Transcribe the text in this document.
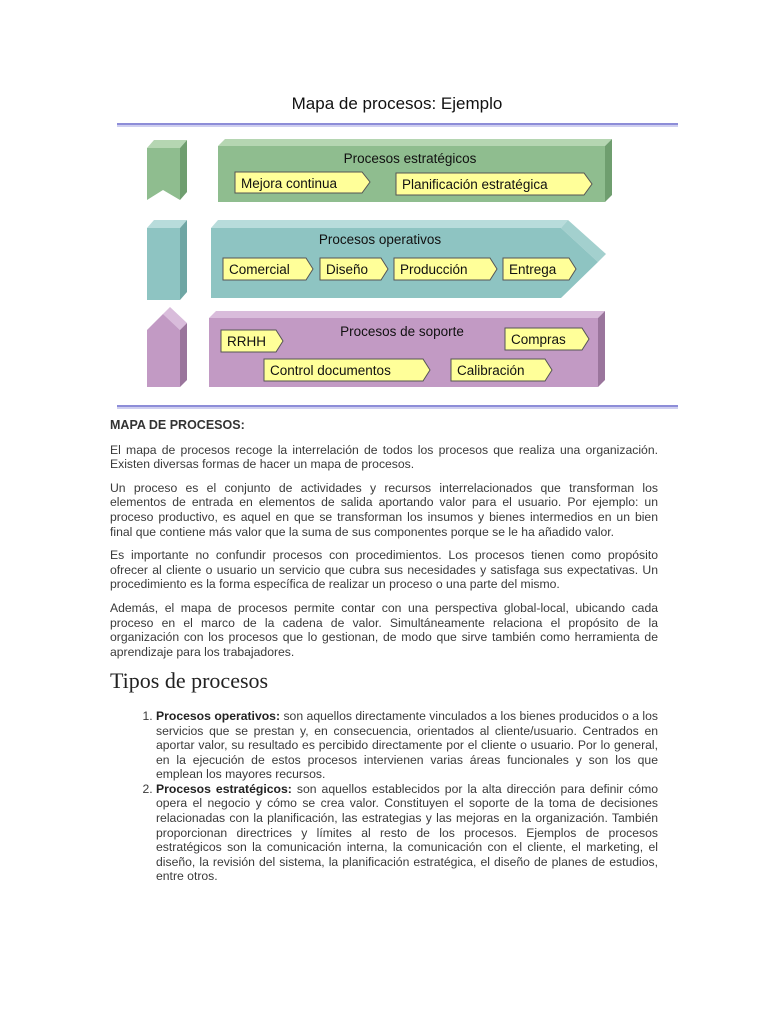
Mapa de procesos: Ejemplo
Procesos estratégicos
Mejora continua	Planificación estratégica
Procesos operativos
Comercial	Diseño Producción	Entrega
Procesos de soporte
RRHH	Compras
Control documentos	Calibración
MAPA DE PROCESOS:

El mapa de procesos recoge la interrelación de todos los procesos que realiza una organización. Existen diversas formas de hacer un mapa de procesos.

Un proceso es el conjunto de actividades y recursos interrelacionados que transforman los elementos de entrada en elementos de salida aportando valor para el usuario. Por ejemplo: un proceso productivo, es aquel en que se transforman los insumos y bienes intermedios en un bien final que contiene más valor que la suma de sus componentes porque se le ha añadido valor.

Es importante no confundir procesos con procedimientos. Los procesos tienen como propósito ofrecer al cliente o usuario un servicio que cubra sus necesidades y satisfaga sus expectativas. Un procedimiento es la forma específica de realizar un proceso o una parte del mismo.

Además, el mapa de procesos permite contar con una perspectiva global-local, ubicando cada proceso en el marco de la cadena de valor. Simultáneamente relaciona el propósito de la organización con los procesos que lo gestionan, de modo que sirve también como herramienta de aprendizaje para los trabajadores.

Tipos de procesos
1. Procesos operativos: son aquellos directamente vinculados a los bienes producidos o a los servicios que se prestan y, en consecuencia, orientados al cliente/usuario. Centrados en aportar valor, su resultado es percibido directamente por el cliente o usuario. Por lo general, en la ejecución de estos procesos intervienen varias áreas funcionales y son los que emplean los mayores recursos.
2. Procesos estratégicos: son aquellos establecidos por la alta dirección para definir cómo opera el negocio y cómo se crea valor. Constituyen el soporte de la toma de decisiones relacionadas con la planificación, las estrategias y las mejoras en la organización. También proporcionan directrices y límites al resto de los procesos. Ejemplos de procesos estratégicos son la comunicación interna, la comunicación con el cliente, el marketing, el diseño, la revisión del sistema, la planificación estratégica, el diseño de planes de estudios, entre otros.
